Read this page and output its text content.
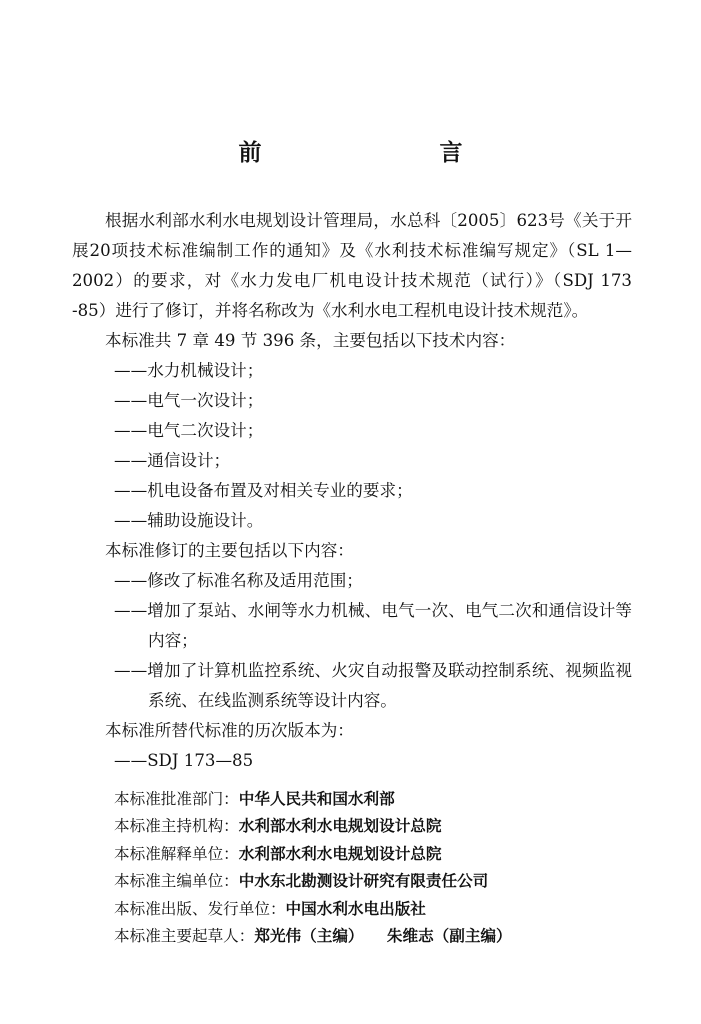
前　　言

根据水利部水利水电规划设计管理局，水总科〔2005〕623号《关于开展20项技术标准编制工作的通知》及《水利技术标准编写规定》（SL 1—2002）的要求，对《水力发电厂机电设计技术规范（试行）》（SDJ 173 -85）进行了修订，并将名称改为《水利水电工程机电设计技术规范》。

本标准共 7 章 49 节 396 条，主要包括以下技术内容：

——水力机械设计；

——电气一次设计；

——电气二次设计；

——通信设计；

——机电设备布置及对相关专业的要求；

——辅助设施设计。

本标准修订的主要包括以下内容：

——修改了标准名称及适用范围；

——增加了泵站、水闸等水力机械、电气一次、电气二次和通信设计等内容；

——增加了计算机监控系统、火灾自动报警及联动控制系统、视频监视系统、在线监测系统等设计内容。

本标准所替代标准的历次版本为：

——SDJ 173—85

本标准批准部门：中华人民共和国水利部
本标准主持机构：水利部水利水电规划设计总院
本标准解释单位：水利部水利水电规划设计总院
本标准主编单位：中水东北勘测设计研究有限责任公司
本标准出版、发行单位：中国水利水电出版社
本标准主要起草人：郑光伟（主编）　　朱维志（副主编）
